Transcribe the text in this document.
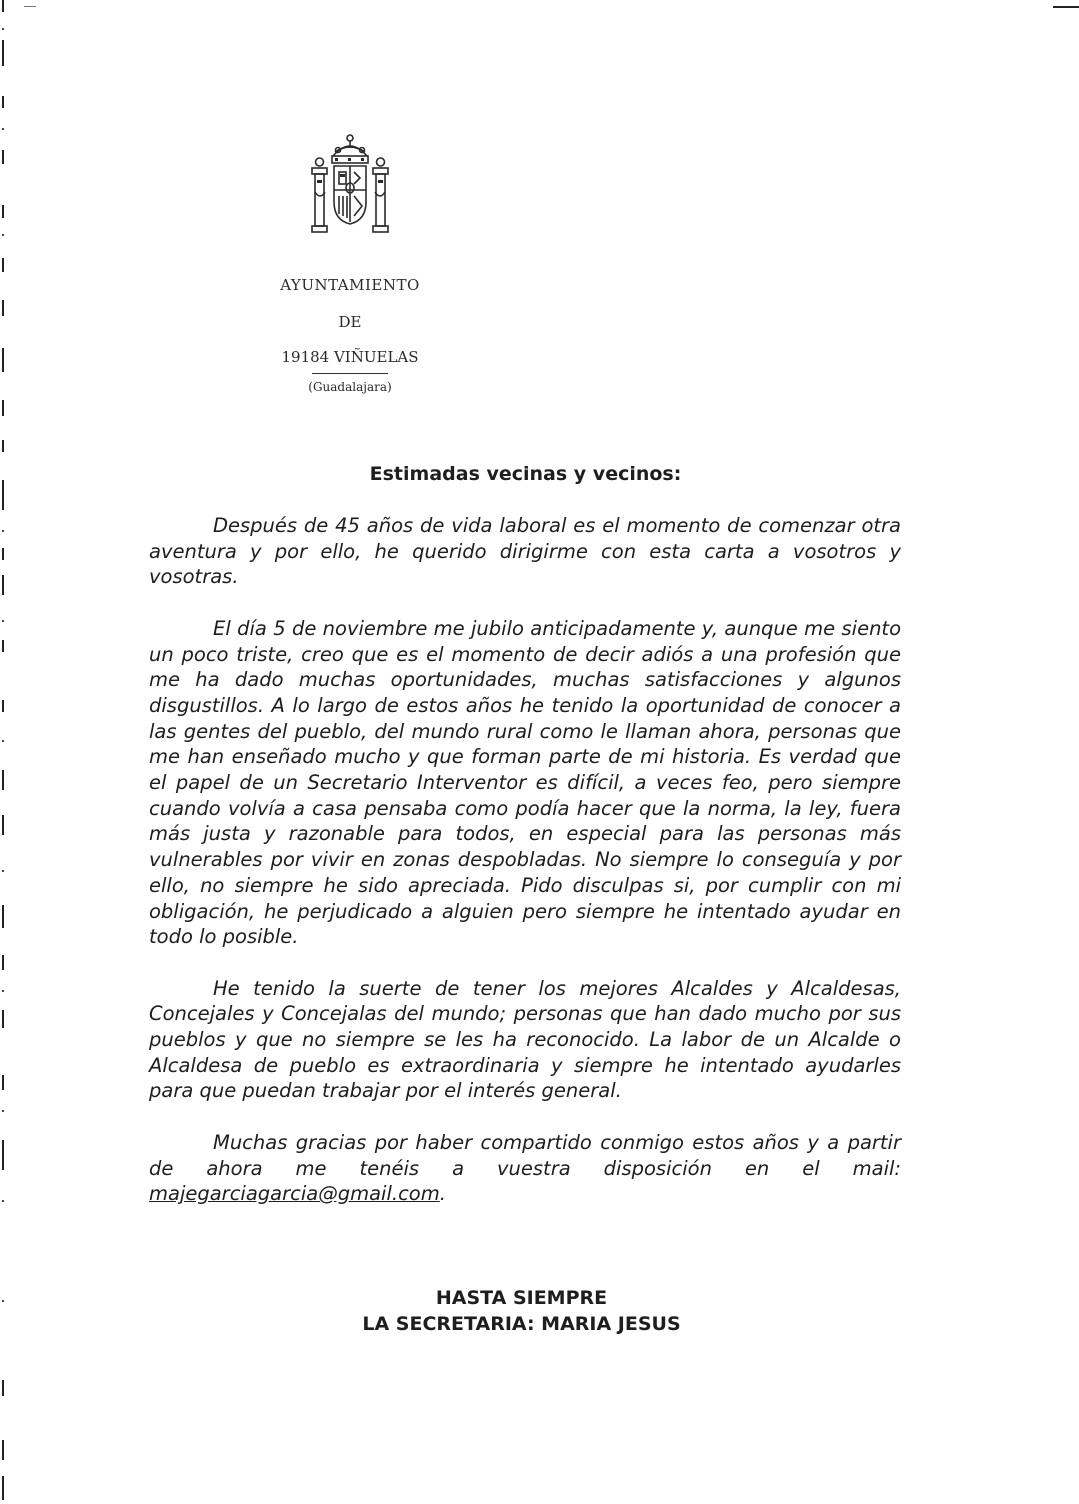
AYUNTAMIENTO

DE

19184 VIÑUELAS

(Guadalajara)

Estimadas vecinas y vecinos:

Después de 45 años de vida laboral es el momento de comenzar otra aventura y por ello, he querido dirigirme con esta carta a vosotros y vosotras.

El día 5 de noviembre me jubilo anticipadamente y, aunque me siento un poco triste, creo que es el momento de decir adiós a una profesión que me ha dado muchas oportunidades, muchas satisfacciones y algunos disgustillos. A lo largo de estos años he tenido la oportunidad de conocer a las gentes del pueblo, del mundo rural como le llaman ahora, personas que me han enseñado mucho y que forman parte de mi historia. Es verdad que el papel de un Secretario Interventor es difícil, a veces feo, pero siempre cuando volvía a casa pensaba como podía hacer que la norma, la ley, fuera más justa y razonable para todos, en especial para las personas más vulnerables por vivir en zonas despobladas. No siempre lo conseguía y por ello, no siempre he sido apreciada. Pido disculpas si, por cumplir con mi obligación, he perjudicado a alguien pero siempre he intentado ayudar en todo lo posible.

He tenido la suerte de tener los mejores Alcaldes y Alcaldesas, Concejales y Concejalas del mundo; personas que han dado mucho por sus pueblos y que no siempre se les ha reconocido. La labor de un Alcalde o Alcaldesa de pueblo es extraordinaria y siempre he intentado ayudarles para que puedan trabajar por el interés general.

Muchas gracias por haber compartido conmigo estos años y a partir de ahora me tenéis a vuestra disposición en el mail: majegarciagarcia@gmail.com.

HASTA SIEMPRE
LA SECRETARIA: MARIA JESUS
